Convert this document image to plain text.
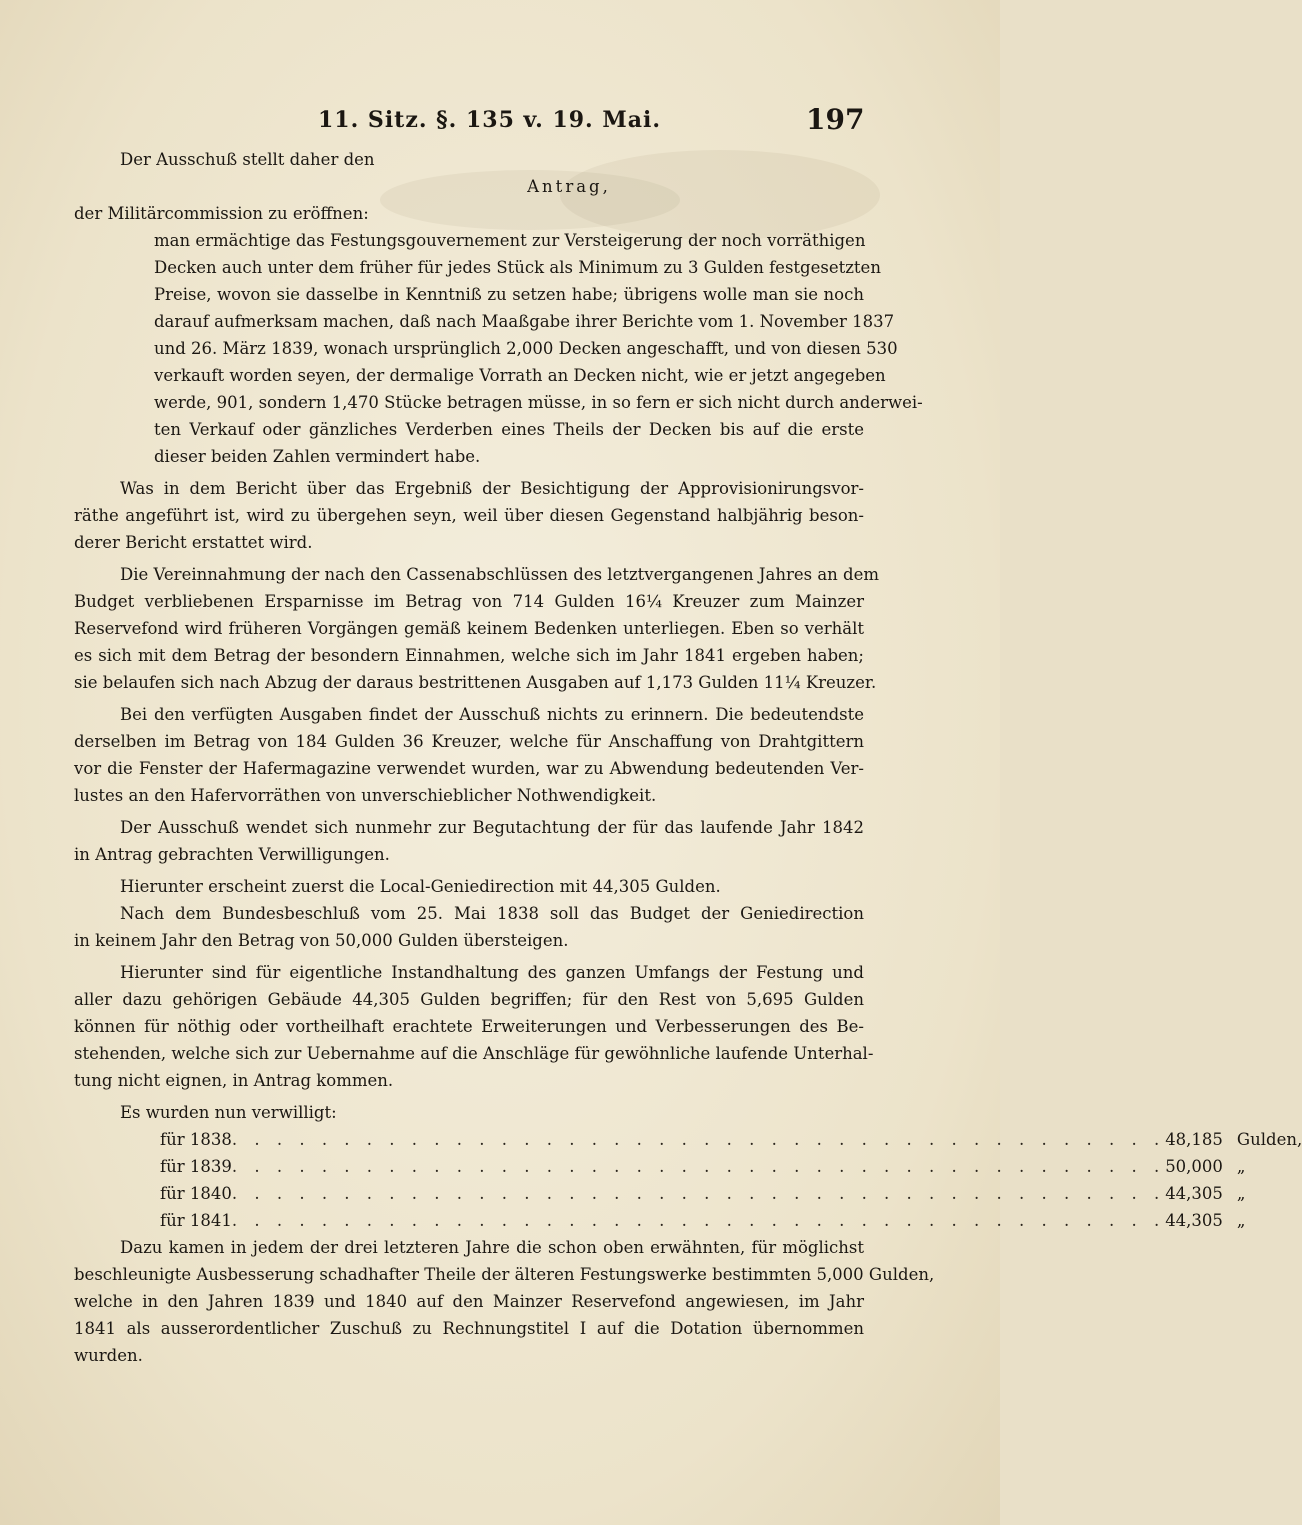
11. Sitz. §. 135 v. 19. Mai.	197
Der Ausschuß stellt daher den
Antrag,
der Militärcommission zu eröffnen:
man ermächtige das Festungsgouvernement zur Versteigerung der noch vorräthigen
Decken auch unter dem früher für jedes Stück als Minimum zu 3 Gulden festgesetzten
Preise, wovon sie dasselbe in Kenntniß zu setzen habe; übrigens wolle man sie noch
darauf aufmerksam machen, daß nach Maaßgabe ihrer Berichte vom 1. November 1837
und 26. März 1839, wonach ursprünglich 2,000 Decken angeschafft, und von diesen 530
verkauft worden seyen, der dermalige Vorrath an Decken nicht, wie er jetzt angegeben
werde, 901, sondern 1,470 Stücke betragen müsse, in so fern er sich nicht durch anderwei-
ten Verkauf oder gänzliches Verderben eines Theils der Decken bis auf die erste
dieser beiden Zahlen vermindert habe.
Was in dem Bericht über das Ergebniß der Besichtigung der Approvisionirungsvor-
räthe angeführt ist, wird zu übergehen seyn, weil über diesen Gegenstand halbjährig beson-
derer Bericht erstattet wird.
Die Vereinnahmung der nach den Cassenabschlüssen des letztvergangenen Jahres an dem
Budget verbliebenen Ersparnisse im Betrag von 714 Gulden 16¼ Kreuzer zum Mainzer
Reservefond wird früheren Vorgängen gemäß keinem Bedenken unterliegen. Eben so verhält
es sich mit dem Betrag der besondern Einnahmen, welche sich im Jahr 1841 ergeben haben;
sie belaufen sich nach Abzug der daraus bestrittenen Ausgaben auf 1,173 Gulden 11¼ Kreuzer.
Bei den verfügten Ausgaben findet der Ausschuß nichts zu erinnern. Die bedeutendste
derselben im Betrag von 184 Gulden 36 Kreuzer, welche für Anschaffung von Drahtgittern
vor die Fenster der Hafermagazine verwendet wurden, war zu Abwendung bedeutenden Ver-
lustes an den Hafervorräthen von unverschieblicher Nothwendigkeit.
Der Ausschuß wendet sich nunmehr zur Begutachtung der für das laufende Jahr 1842
in Antrag gebrachten Verwilligungen.
Hierunter erscheint zuerst die Local-Geniedirection mit 44,305 Gulden.
Nach dem Bundesbeschluß vom 25. Mai 1838 soll das Budget der Geniedirection
in keinem Jahr den Betrag von 50,000 Gulden übersteigen.
Hierunter sind für eigentliche Instandhaltung des ganzen Umfangs der Festung und
aller dazu gehörigen Gebäude 44,305 Gulden begriffen; für den Rest von 5,695 Gulden
können für nöthig oder vortheilhaft erachtete Erweiterungen und Verbesserungen des Be-
stehenden, welche sich zur Uebernahme auf die Anschläge für gewöhnliche laufende Unterhal-
tung nicht eignen, in Antrag kommen.
Es wurden nun verwilligt:
für 1838 . . . . . . . . . . . . . . . . . . . . . . . . . . . . . . . . . . . . . . . . . . 48,185 Gulden,
für 1839 . . . . . . . . . . . . . . . . . . . . . . . . . . . . . . . . . . . . . . . . . . 50,000 „
für 1840 . . . . . . . . . . . . . . . . . . . . . . . . . . . . . . . . . . . . . . . . . . 44,305 „
für 1841 . . . . . . . . . . . . . . . . . . . . . . . . . . . . . . . . . . . . . . . . . . 44,305 „
Dazu kamen in jedem der drei letzteren Jahre die schon oben erwähnten, für möglichst
beschleunigte Ausbesserung schadhafter Theile der älteren Festungswerke bestimmten 5,000 Gulden,
welche in den Jahren 1839 und 1840 auf den Mainzer Reservefond angewiesen, im Jahr
1841 als ausserordentlicher Zuschuß zu Rechnungstitel I auf die Dotation übernommen
wurden.
